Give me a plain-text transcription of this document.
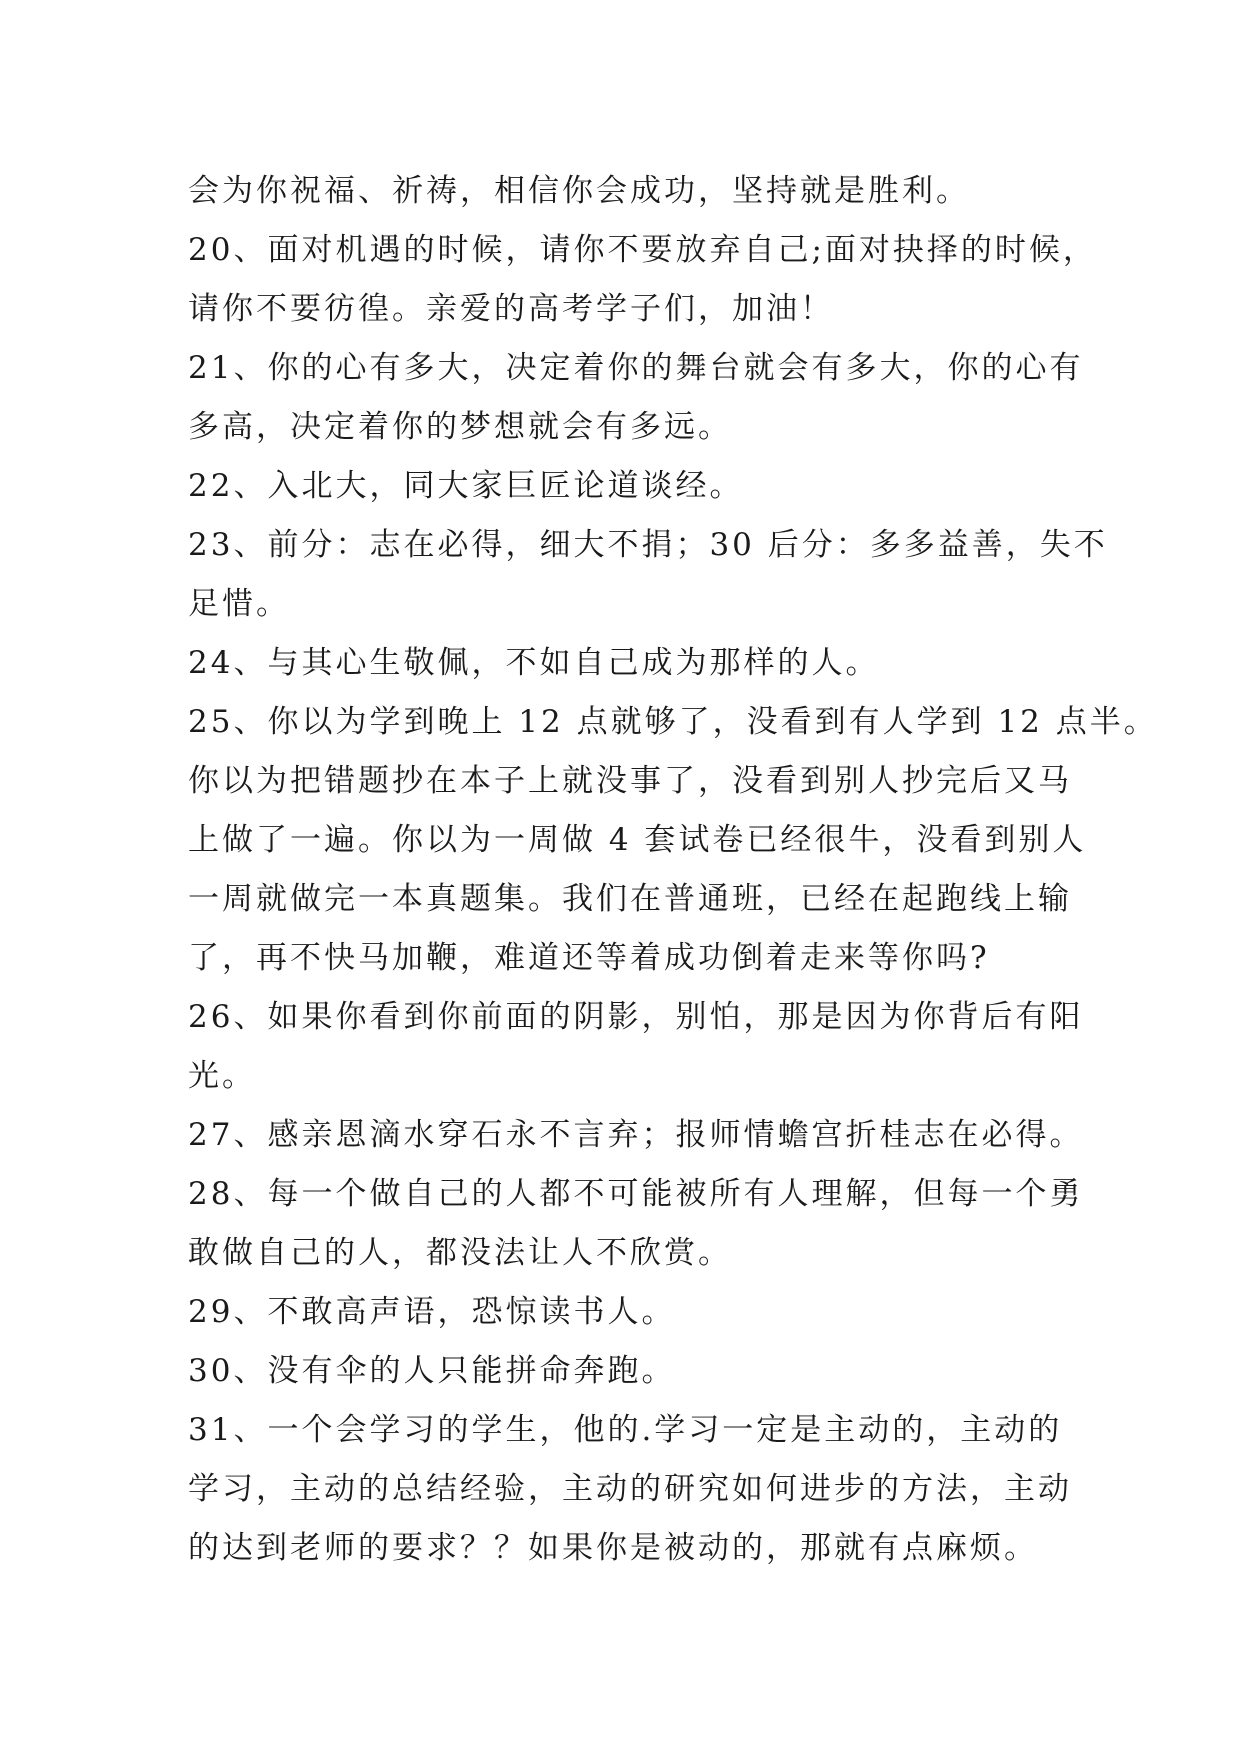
会为你祝福、祈祷，相信你会成功，坚持就是胜利。
20、面对机遇的时候，请你不要放弃自己;面对抉择的时候，
请你不要彷徨。亲爱的高考学子们，加油！
21、你的心有多大，决定着你的舞台就会有多大，你的心有
多高，决定着你的梦想就会有多远。
22、入北大，同大家巨匠论道谈经。
23、前分：志在必得，细大不捐；30 后分：多多益善，失不
足惜。
24、与其心生敬佩，不如自己成为那样的人。
25、你以为学到晚上 12 点就够了，没看到有人学到 12 点半。
你以为把错题抄在本子上就没事了，没看到别人抄完后又马
上做了一遍。你以为一周做 4 套试卷已经很牛，没看到别人
一周就做完一本真题集。我们在普通班，已经在起跑线上输
了，再不快马加鞭，难道还等着成功倒着走来等你吗?
26、如果你看到你前面的阴影，别怕，那是因为你背后有阳
光。
27、感亲恩滴水穿石永不言弃；报师情蟾宫折桂志在必得。
28、每一个做自己的人都不可能被所有人理解，但每一个勇
敢做自己的人，都没法让人不欣赏。
29、不敢高声语，恐惊读书人。
30、没有伞的人只能拼命奔跑。
31、一个会学习的学生，他的.学习一定是主动的，主动的
学习，主动的总结经验，主动的研究如何进步的方法，主动
的达到老师的要求？？如果你是被动的，那就有点麻烦。
